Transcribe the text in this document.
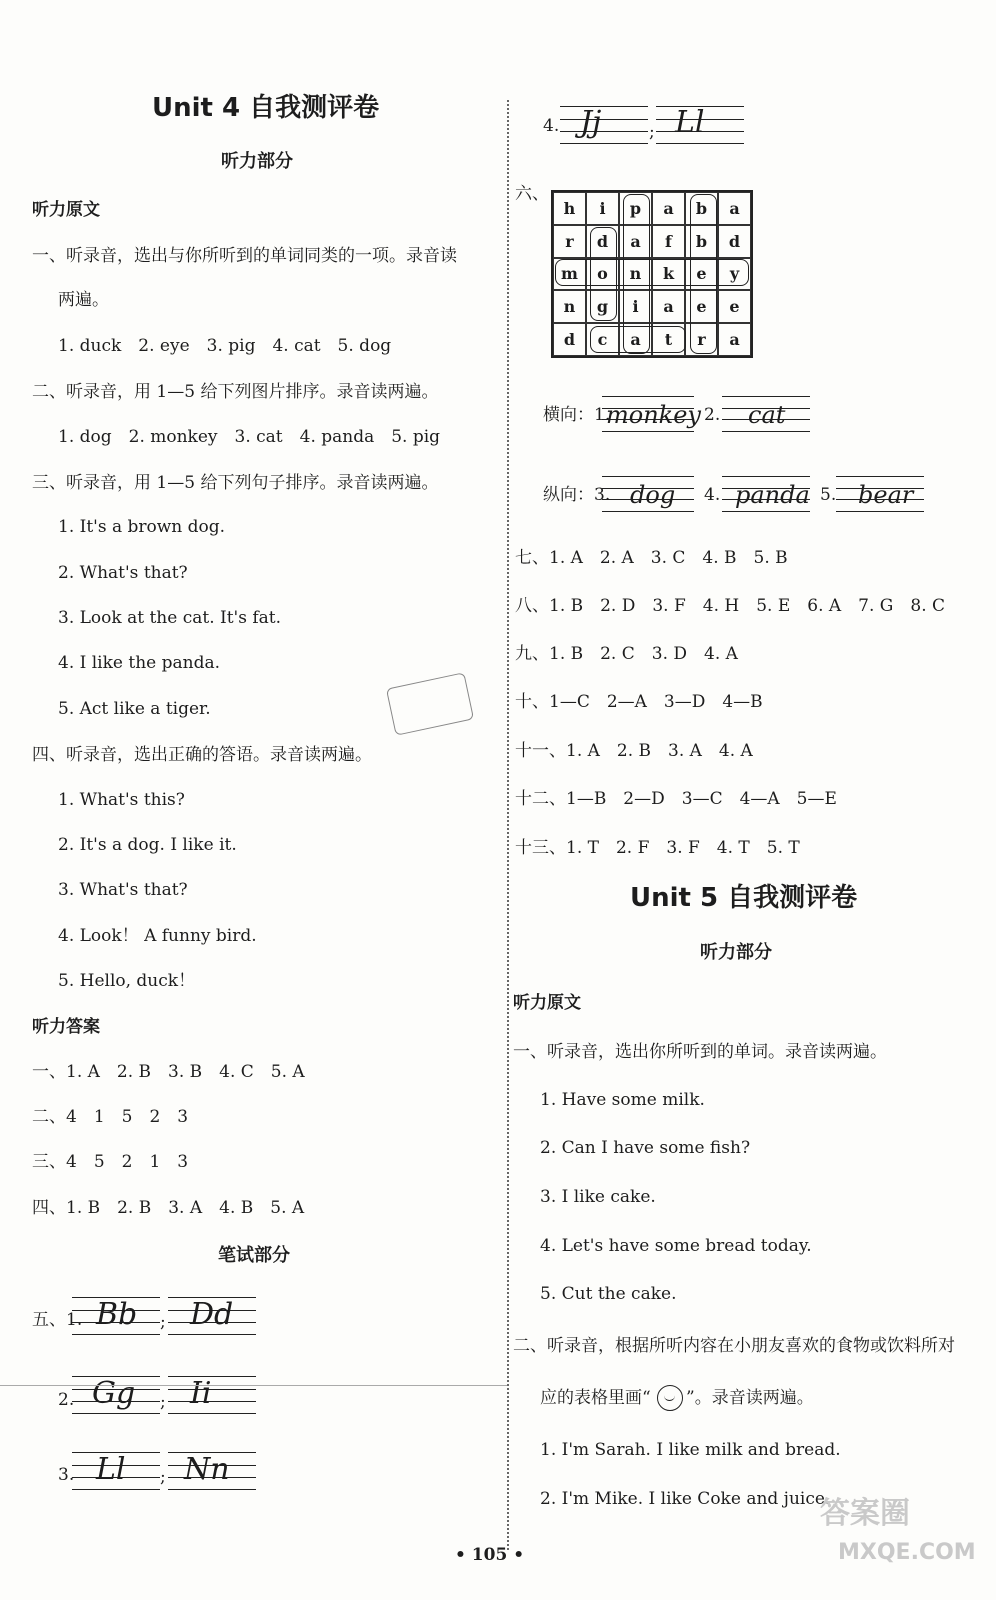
Unit 4 自我测评卷
听力部分
听力原文
一、听录音，选出与你所听到的单词同类的一项。录音读
两遍。
1. duck　2. eye　3. pig　4. cat　5. dog
二、听录音，用 1—5 给下列图片排序。录音读两遍。
1. dog　2. monkey　3. cat　4. panda　5. pig
三、听录音，用 1—5 给下列句子排序。录音读两遍。
1. It's a brown dog.
2. What's that?
3. Look at the cat. It's fat.
4. I like the panda.
5. Act like a tiger.
四、听录音，选出正确的答语。录音读两遍。
1. What's this?
2. It's a dog. I like it.
3. What's that?
4. Look！ A funny bird.
5. Hello, duck！
听力答案
一、1. A　2. B　3. B　4. C　5. A
二、4　1　5　2　3
三、4　5　2　1　3
四、1. B　2. B　3. A　4. B　5. A
笔试部分
五、1. Bb ; Dd
2. Gg ; Ii
3. Ll ; Nn
4. Jj	; Ll
六、
h	i	p	a	b	a
r	d	a	f	b	d
m	o	n	k	e	y
n	g	i	a	e	e
d	c	a	t	r	a
横向：1.
monkey 2. cat
纵向：3. dog 4. panda 5. bear
七、1. A　2. A　3. C　4. B　5. B
八、1. B　2. D　3. F　4. H　5. E　6. A　7. G　8. C
九、1. B　2. C　3. D　4. A
十、1—C　2—A　3—D　4—B
十一、1. A　2. B　3. A　4. A
十二、1—B　2—D　3—C　4—A　5—E
十三、1. T　2. F　3. F　4. T　5. T
Unit 5 自我测评卷
听力部分
听力原文
一、听录音，选出你所听到的单词。录音读两遍。
1. Have some milk.
2. Can I have some fish?
3. I like cake.
4. Let's have some bread today.
5. Cut the cake.
二、听录音，根据所听内容在小朋友喜欢的食物或饮料所对
应的表格里画“ ”。录音读两遍。
1. I'm Sarah. I like milk and bread.
2. I'm Mike. I like Coke and juice.
• 105 •
答案圈
MXQE.COM
